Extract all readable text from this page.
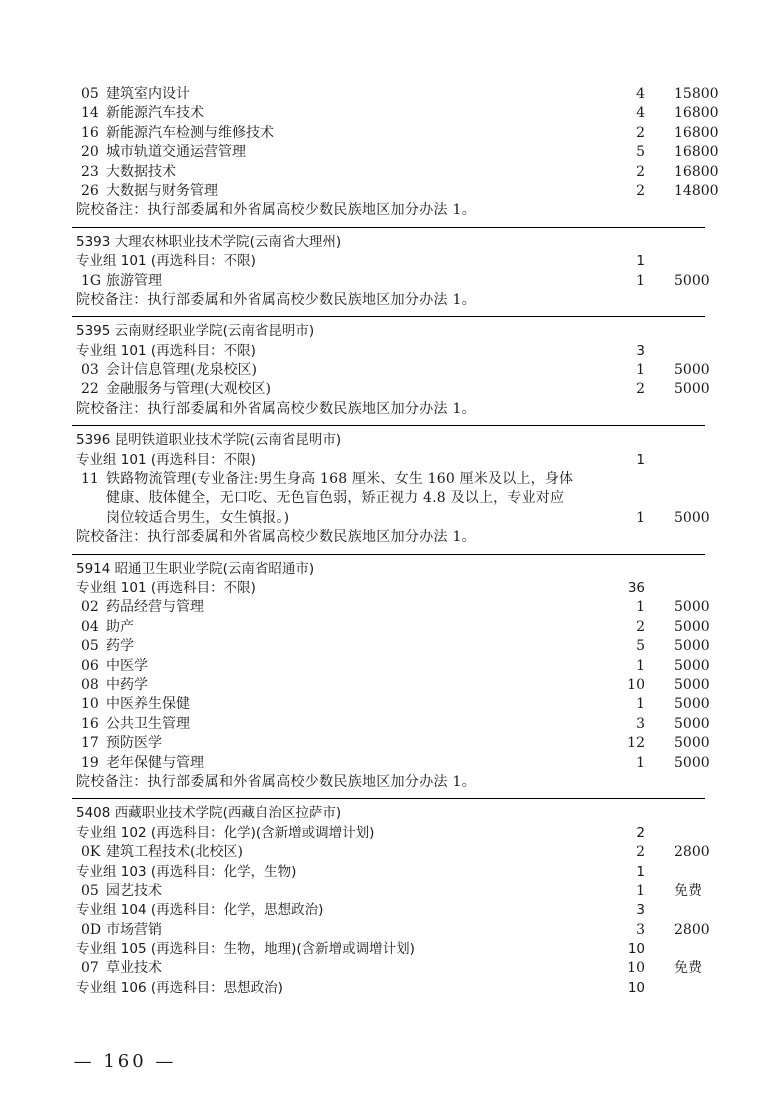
05 建筑室内设计	4 15800
14 新能源汽车技术	4 16800
16 新能源汽车检测与维修技术	2 16800
20 城市轨道交通运营管理	5 16800
23 大数据技术	2 16800
26 大数据与财务管理	2 14800
院校备注：执行部委属和外省属高校少数民族地区加分办法 1。
5393 大理农林职业技术学院(云南省大理州)
专业组 101 (再选科目：不限)	1
1G 旅游管理	1 5000
院校备注：执行部委属和外省属高校少数民族地区加分办法 1。
5395 云南财经职业学院(云南省昆明市)
专业组 101 (再选科目：不限)	3
03 会计信息管理(龙泉校区)	1 5000
22 金融服务与管理(大观校区)	2 5000
院校备注：执行部委属和外省属高校少数民族地区加分办法 1。
5396 昆明铁道职业技术学院(云南省昆明市)
专业组 101 (再选科目：不限)	1
11 铁路物流管理(专业备注:男生身高 168 厘米、女生 160 厘米及以上，身体健康、肢体健全，无口吃、无色盲色弱，矫正视力 4.8 及以上，专业对应岗位较适合男生，女生慎报。)	1 5000
院校备注：执行部委属和外省属高校少数民族地区加分办法 1。
5914 昭通卫生职业学院(云南省昭通市)
专业组 101 (再选科目：不限)	36
02 药品经营与管理	1 5000
04 助产	2 5000
05 药学	5 5000
06 中医学	1 5000
08 中药学	10 5000
10 中医养生保健	1 5000
16 公共卫生管理	3 5000
17 预防医学	12 5000
19 老年保健与管理	1 5000
院校备注：执行部委属和外省属高校少数民族地区加分办法 1。
5408 西藏职业技术学院(西藏自治区拉萨市)
专业组 102 (再选科目：化学)(含新增或调增计划)	2
0K 建筑工程技术(北校区)	2 2800
专业组 103 (再选科目：化学，生物)	1
05 园艺技术	1 免费
专业组 104 (再选科目：化学，思想政治)	3
0D 市场营销	3 2800
专业组 105 (再选科目：生物，地理)(含新增或调增计划)	10
07 草业技术	10 免费
专业组 106 (再选科目：思想政治)	10
— 160 —
